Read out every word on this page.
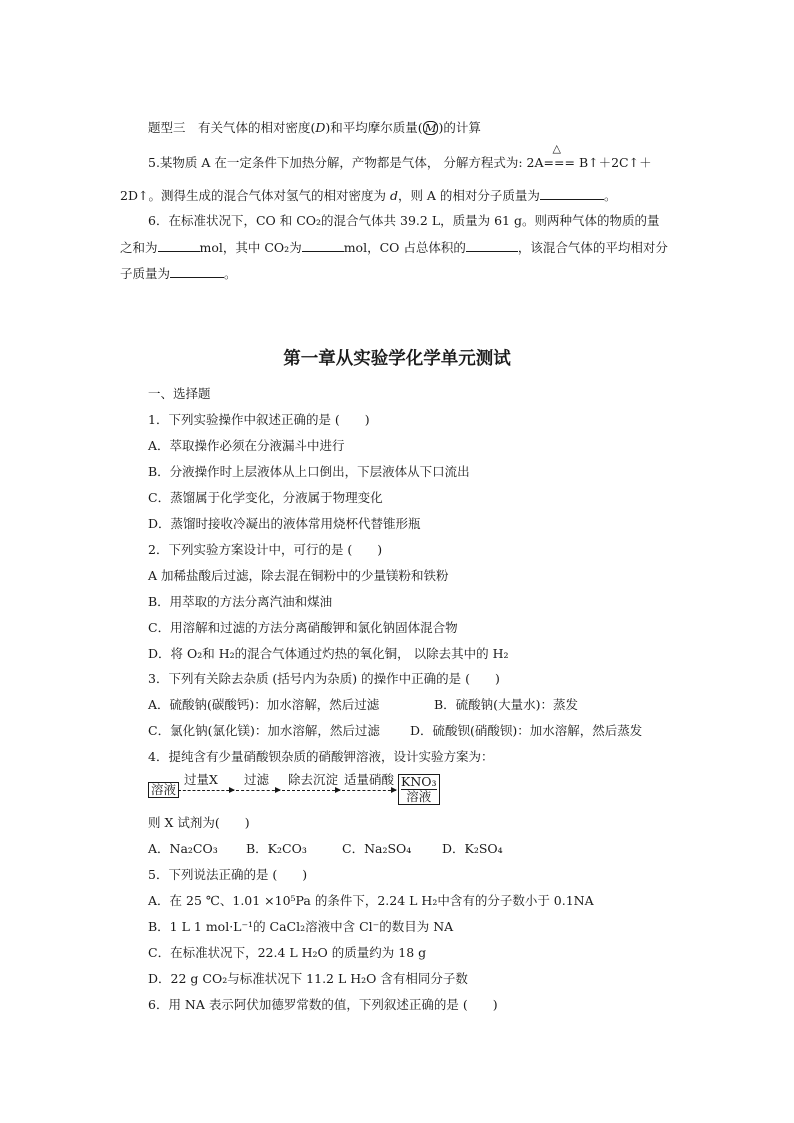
题型三　有关气体的相对密度(D)和平均摩尔质量( M )的计算
5.某物质 A 在一定条件下加热分解，产物都是气体， 分解方程式为: 2A
△
=== B↑＋2C↑＋
2D↑。测得生成的混合气体对氢气的相对密度为 d，则 A 的相对分子质量为	。
6．在标准状况下，CO 和 CO₂的混合气体共 39.2 L，质量为 61 g。则两种气体的物质的量
之和为	mol，其中 CO₂为	mol，CO 占总体积的	，该混合气体的平均相对分
子质量为	。
第一章从实验学化学单元测试
一、选择题
1．下列实验操作中叙述正确的是 (　　)
A．萃取操作必须在分液漏斗中进行
B．分液操作时上层液体从上口倒出，下层液体从下口流出
C．蒸馏属于化学变化，分液属于物理变化
D．蒸馏时接收冷凝出的液体常用烧杯代替锥形瓶
2．下列实验方案设计中，可行的是 (　　)
A 加稀盐酸后过滤，除去混在铜粉中的少量镁粉和铁粉
B．用萃取的方法分离汽油和煤油
C．用溶解和过滤的方法分离硝酸钾和氯化钠固体混合物
D．将 O₂和 H₂的混合气体通过灼热的氧化铜， 以除去其中的 H₂
3．下列有关除去杂质 (括号内为杂质) 的操作中正确的是 (　　)
A．硫酸钠(碳酸钙)：加水溶解，然后过滤	B．硫酸钠(大量水)：蒸发
C．氯化钠(氯化镁)：加水溶解，然后过滤 D．硫酸钡(硝酸钡)：加水溶解，然后蒸发
4．提纯含有少量硝酸钡杂质的硝酸钾溶液，设计实验方案为：
溶液
过量X 过滤 除去沉淀 适量硝酸 KNO₃
溶液
则 X 试剂为(　　)
A．Na₂CO₃ B．K₂CO₃	C．Na₂SO₄ D．K₂SO₄
5．下列说法正确的是 (　　)
A．在 25 ℃、1.01 ×10⁵Pa 的条件下，2.24 L H₂中含有的分子数小于 0.1NA
B．1 L 1 mol·L⁻¹的 CaCl₂溶液中含 Cl⁻的数目为 NA
C．在标准状况下，22.4 L H₂O 的质量约为 18 g
D．22 g CO₂与标准状况下 11.2 L H₂O 含有相同分子数
6．用 NA 表示阿伏加德罗常数的值，下列叙述正确的是 (　　)
